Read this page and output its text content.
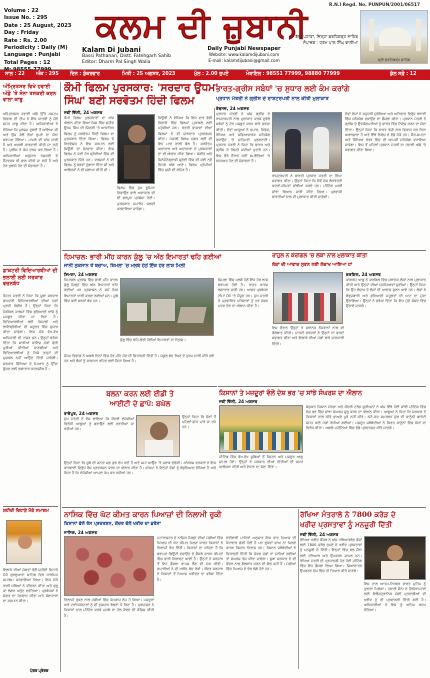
Volume : 22
Issue No. : 295
Date : 25 August, 2023
Day : Friday
Rate : Rs. 2.00
Periodicity : Daily (M)
Language : Punjabi
Total Pages : 12
R.N.I Regd. No. PUNPUN/2001/06517
ਕਲਮ ਦੀ ਜ਼ੁਬਾਨੀ
Kalam Di Jubani
Bassi Pathanan, Distt. Fatehgarh Sahib
Editor: Dharm Pal Singh Walia
Daily Punjabi Newspaper
Website: www.kalamdijubani.com
E-mail: kalamdijubani@gmail.com
ਬੱਸੀ ਪਠਾਣਾਂ, ਜ਼ਿਲ੍ਹਾ ਫ਼ਤਹਿਗੜ੍ਹ ਸਾਹਿਬ
ਸੰਪਾਦਕ : ਧਰਮ ਪਾਲ ਸਿੰਘ ਵਾਲੀਆ
ਸ੍ਰੀ ਫ਼ਤਹਿਗੜ੍ਹ ਸਾਹਿਬ
ਸਾਲ : 22 ਅੰਕ : 295 ਦਿਨ : ਸ਼ੁੱਕਰਵਾਰ	ਮਿਤੀ : 25 ਅਗਸਤ, 2023	ਮੁੱਲ : 2.00 ਰੁਪਏ	ਮੋਬਾਇਲ : 98551 77999, 98880 77999	ਕੁੱਲ ਸਫ਼ੇ : 12
ਅੰਮ੍ਰਿਤਸਰ ਵਿਖੇ ਹਵਾਈ ਅੱਡੇ 'ਤੇ ਸੋਨਾ ਤਸਕਰੀ ਕਰਨ ਵਾਲਾ ਕਾਬੂ
ਅੰਮ੍ਰਿਤਸਰ ਹਵਾਈ ਅੱਡੇ ਉੱਤੇ ਕਸਟਮ ਵਿਭਾਗ ਦੀ ਟੀਮ ਨੇ ਇੱਕ ਯਾਤਰੀ ਨੂੰ ਸੋਨੇ ਸਮੇਤ ਕਾਬੂ ਕੀਤਾ ਹੈ। ਅਧਿਕਾਰੀਆਂ ਨੇ ਦੱਸਿਆ ਕਿ ਮੁਲਜ਼ਮ ਦੁਬਈ ਤੋਂ ਆਇਆ ਸੀ ਅਤੇ ਉਸ ਕੋਲੋਂ ਲੱਖਾਂ ਰੁਪਏ ਦਾ ਸੋਨਾ ਬਰਾਮਦ ਹੋਇਆ। ਮਾਮਲੇ ਦੀ ਜਾਂਚ ਜਾਰੀ ਹੈ ਅਤੇ ਅਗਲੀ ਕਾਰਵਾਈ ਕੀਤੀ ਜਾ ਰਹੀ ਹੈ। ਪੁਲੀਸ ਨੇ ਕੇਸ ਦਰਜ ਕਰ ਲਿਆ ਹੈ। ਅਧਿਕਾਰੀਆਂ ਅਨੁਸਾਰ ਤਸਕਰੀ ਦੇ ਨੈੱਟਵਰਕ ਦੀ ਭਾਲ ਕੀਤੀ ਜਾ ਰਹੀ ਹੈ ਅਤੇ ਹੋਰ ਖੁਲਾਸੇ ਹੋਣ ਦੀ ਸੰਭਾਵਨਾ ਹੈ।
ਡਾਕਟਰੀ ਵਿਦਿਆਰਥੀਆਂ ਦੀ ਭਲਾਈ ਲਈ ਸਰਕਾਰ ਵਚਨਬੱਧ
ਸਿਹਤ ਮੰਤਰੀ ਨੇ ਕਿਹਾ ਕਿ ਸੂਬਾ ਸਰਕਾਰ ਡਾਕਟਰੀ ਵਿਦਿਆਰਥੀਆਂ ਦੀਆਂ ਮੰਗਾਂ ਪ੍ਰਤੀ ਗੰਭੀਰ ਹੈ। ਉਨ੍ਹਾਂ ਕਿਹਾ ਕਿ ਮੈਡੀਕਲ ਕਾਲਜਾਂ ਵਿੱਚ ਬੁਨਿਆਦੀ ਢਾਂਚੇ ਨੂੰ ਮਜ਼ਬੂਤ ਕੀਤਾ ਜਾ ਰਿਹਾ ਹੈ। ਵਿਦਿਆਰਥੀਆਂ ਲਈ ਹੋਸਟਲਾਂ ਅਤੇ ਲਾਇਬ੍ਰੇਰੀਆਂ ਦੀ ਸਹੂਲਤ ਵਿੱਚ ਸੁਧਾਰ ਕੀਤਾ ਜਾਵੇਗਾ। ਇਸ ਮੌਕੇ ਵੱਖ-ਵੱਖ ਅਧਿਕਾਰੀ ਵੀ ਹਾਜ਼ਰ ਸਨ। ਉਨ੍ਹਾਂ ਭਰੋਸਾ ਦਿੱਤਾ ਕਿ ਸਾਰੀਆਂ ਜਾਇਜ਼ ਮੰਗਾਂ ਛੇਤੀ ਪੂਰੀਆਂ ਕੀਤੀਆਂ ਜਾਣਗੀਆਂ ਅਤੇ ਵਿਦਿਆਰਥੀਆਂ ਨੂੰ ਕਿਸੇ ਤਰ੍ਹਾਂ ਦੀ ਮੁਸ਼ਕਲ ਨਹੀਂ ਆਉਣ ਦਿੱਤੀ ਜਾਵੇਗੀ। ਸਰਕਾਰ ਸਿੱਖਿਆ ਦੇ ਮਿਆਰ ਨੂੰ ਉੱਚਾ ਚੁੱਕਣ ਲਈ ਲਗਾਤਾਰ ਯਤਨਸ਼ੀਲ ਹੈ।
ਸ਼ਹੀਦੀ ਦਿਹਾੜੇ ਮੌਕੇ ਸਮਾਗਮ
ਇਲਾਕੇ ਦੀਆਂ ਸੰਗਤਾਂ ਵੱਲੋਂ ਸ਼ਹੀਦੀ ਦਿਹਾੜੇ ਮੌਕੇ ਗੁਰਦੁਆਰਾ ਸਾਹਿਬ ਵਿਖੇ ਧਾਰਮਿਕ ਸਮਾਗਮ ਕਰਵਾਇਆ ਗਿਆ। ਇਸ ਮੌਕੇ ਰਾਗੀ ਜਥਿਆਂ ਨੇ ਕੀਰਤਨ ਕੀਤਾ ਅਤੇ ਗੁਰੂ ਕਾ ਲੰਗਰ ਅਤੁੱਟ ਵਰਤਿਆ। ਪ੍ਰਬੰਧਕਾਂ ਨੇ ਸੰਗਤ ਦਾ ਧੰਨਵਾਦ ਕੀਤਾ ਅਤੇ ਸੇਵਾਦਾਰਾਂ ਦਾ ਸਨਮਾਨ ਕੀਤਾ।
ਪੱਤਰ ਪ੍ਰੇਰਕ
ਕੌਮੀ ਫਿਲਮ ਪੁਰਸਕਾਰ: 'ਸਰਦਾਰ ਊਧਮ'
ਸਿੰਘ' ਬਣੀ ਸਰਵੋਤਮ ਹਿੰਦੀ ਫਿਲਮ
ਨਵੀਂ ਦਿੱਲੀ, 24 ਅਗਸਤ
ਕੌਮੀ ਫਿਲਮ ਪੁਰਸਕਾਰਾਂ ਦਾ ਅੱਜ ਐਲਾਨ ਕੀਤਾ ਗਿਆ ਜਿਸ ਵਿੱਚ ਸ਼ਹੀਦ ਊਧਮ ਸਿੰਘ ਦੀ ਜ਼ਿੰਦਗੀ 'ਤੇ ਆਧਾਰਿਤ ਫਿਲਮ ਨੂੰ ਸਰਵੋਤਮ ਹਿੰਦੀ ਫਿਲਮ ਦਾ ਪੁਰਸਕਾਰ ਦਿੱਤਾ ਗਿਆ। ਫਿਲਮ ਦੇ ਨਿਰਦੇਸ਼ਕ ਨੇ ਇਸ ਸਨਮਾਨ ਲਈ ਜਿਊਰੀ ਦਾ ਧੰਨਵਾਦ ਕੀਤਾ। ਇਸ ਫਿਲਮ ਨੇ ਕਈ ਹੋਰ ਸ਼੍ਰੇਣੀਆਂ ਵਿੱਚ ਵੀ ਪੁਰਸਕਾਰ ਜਿੱਤੇ ਹਨ। ਦਰਸ਼ਕਾਂ ਨੇ ਵੀ ਫਿਲਮ ਨੂੰ ਭਰਵਾਂ ਹੁੰਗਾਰਾ ਦਿੱਤਾ ਸੀ ਅਤੇ ਆਲੋਚਕਾਂ ਨੇ ਵੀ ਸ਼ਲਾਘਾ ਕੀਤੀ ਸੀ।
ਫਿਲਮ ਵਿੱਚ ਮੁੱਖ ਭੂਮਿਕਾ ਨਿਭਾਉਣ ਵਾਲੇ ਅਦਾਕਾਰ ਦੀ ਵੀ ਭਰਪੂਰ ਪ੍ਰਸ਼ੰਸਾ ਹੋਈ। ਪੁਰਸਕਾਰ ਸਮਾਰੋਹ ਜਲਦੀ ਕਰਵਾਇਆ ਜਾਵੇਗਾ।
ਜਿਊਰੀ ਨੇ ਦੱਸਿਆ ਕਿ ਇਸ ਵਾਰ ਵੱਡੀ ਗਿਣਤੀ ਵਿੱਚ ਫਿਲਮਾਂ ਮੁਕਾਬਲੇ ਲਈ ਪਹੁੰਚੀਆਂ ਸਨ। ਖੇਤਰੀ ਭਾਸ਼ਾਵਾਂ ਦੀਆਂ ਫਿਲਮਾਂ ਨੇ ਵੀ ਸ਼ਾਨਦਾਰ ਪ੍ਰਦਰਸ਼ਨ ਕੀਤਾ। ਪੰਜਾਬੀ ਫਿਲਮ ਜਗਤ ਲਈ ਵੀ ਇਹ ਮਾਣ ਵਾਲੀ ਗੱਲ ਹੈ। ਸਰਵੋਤਮ ਅਦਾਕਾਰ ਅਤੇ ਅਦਾਕਾਰਾ ਦੇ ਪੁਰਸਕਾਰਾਂ ਦਾ ਵੀ ਐਲਾਨ ਕੀਤਾ ਗਿਆ। ਸੰਗੀਤ ਅਤੇ ਸਿਨੇਮੈਟੋਗ੍ਰਾਫੀ ਸ਼੍ਰੇਣੀ ਵਿੱਚ ਵੀ ਕਈ ਨਵੇਂ ਚਿਹਰੇ ਅੱਗੇ ਆਏ। ਫਿਲਮ ਪ੍ਰੇਮੀਆਂ ਵਿੱਚ ਖੁਸ਼ੀ ਦੀ ਲਹਿਰ ਹੈ।
ਭਾਰਤ-ਗ੍ਰੀਸ ਸਬੰਧਾਂ 'ਚ ਸੁਧਾਰ ਲਈ ਕੰਮ ਕਰਾਂਗੇ
ਪ੍ਰਧਾਨ ਮੰਤਰੀ ਨੇ ਗ੍ਰੀਸ ਦੇ ਰਾਸ਼ਟਰਪਤੀ ਨਾਲ ਕੀਤੀ ਮੁਲਾਕਾਤ
ਏਥਨਜ਼, 24 ਅਗਸਤ
ਪ੍ਰਧਾਨ ਮੰਤਰੀ ਨੇ ਅੱਜ ਗ੍ਰੀਸ ਦੇ ਰਾਸ਼ਟਰਪਤੀ ਨਾਲ ਮੁਲਾਕਾਤ ਕਰਕੇ ਦੁਵੱਲੇ ਸਬੰਧਾਂ ਨੂੰ ਹੋਰ ਮਜ਼ਬੂਤ ਕਰਨ ਬਾਰੇ ਚਰਚਾ ਕੀਤੀ। ਦੋਵਾਂ ਆਗੂਆਂ ਨੇ ਵਪਾਰ, ਨਿਵੇਸ਼, ਰੱਖਿਆ ਅਤੇ ਸਭਿਆਚਾਰਕ ਸਹਿਯੋਗ ਵਧਾਉਣ 'ਤੇ ਸਹਿਮਤੀ ਪ੍ਰਗਟਾਈ। ਪ੍ਰਧਾਨ ਮੰਤਰੀ ਨੇ ਕਿਹਾ ਕਿ ਭਾਰਤ ਅਤੇ ਗ੍ਰੀਸ ਦੇ ਰਿਸ਼ਤੇ ਸਦੀਆਂ ਪੁਰਾਣੇ ਹਨ। ਇਸ ਦੌਰੇ ਦੌਰਾਨ ਕਈ ਸਮਝੌਤਿਆਂ 'ਤੇ ਦਸਤਖ਼ਤ ਹੋਣ ਦੀ ਸੰਭਾਵਨਾ ਹੈ।
ਰਾਸ਼ਟਰਪਤੀ ਨੇ ਭਾਰਤੀ ਪ੍ਰਧਾਨ ਮੰਤਰੀ ਦਾ ਨਿੱਘਾ ਸਵਾਗਤ ਕੀਤਾ। ਉਨ੍ਹਾਂ ਕਿਹਾ ਕਿ ਦੋਵੇਂ ਦੇਸ਼ ਲੋਕਤੰਤਰੀ ਕਦਰਾਂ-ਕੀਮਤਾਂ ਸਾਂਝੀਆਂ ਕਰਦੇ ਹਨ। ਮੀਟਿੰਗ ਮਗਰੋਂ ਸਾਂਝਾ ਬਿਆਨ ਜਾਰੀ ਕੀਤਾ ਗਿਆ। ਪ੍ਰਵਾਸੀ ਭਾਰਤੀਆਂ ਨਾਲ ਵੀ ਮੁਲਾਕਾਤ ਕੀਤੀ ਜਾਵੇਗੀ।
ਦੋਵਾਂ ਦੇਸ਼ਾਂ ਨੇ ਸਮੁੰਦਰੀ ਸੁਰੱਖਿਆ ਅਤੇ ਅਤਿਵਾਦ ਵਿਰੁੱਧ ਲੜਾਈ ਵਿੱਚ ਸਹਿਯੋਗ ਵਧਾਉਣ ਦਾ ਫ਼ੈਸਲਾ ਕੀਤਾ। ਪ੍ਰਧਾਨ ਮੰਤਰੀ ਨੇ ਗ੍ਰੀਸ ਦੇ ਉਦਯੋਗਪਤੀਆਂ ਨੂੰ ਭਾਰਤ ਵਿੱਚ ਨਿਵੇਸ਼ ਕਰਨ ਦਾ ਸੱਦਾ ਦਿੱਤਾ। ਉਨ੍ਹਾਂ ਕਿਹਾ ਕਿ ਭਾਰਤ ਤੇਜ਼ੀ ਨਾਲ ਵਿਕਾਸ ਕਰ ਰਿਹਾ ਅਰਥਚਾਰਾ ਹੈ ਅਤੇ ਇੱਥੇ ਨਿਵੇਸ਼ ਦੇ ਵੱਡੇ ਮੌਕੇ ਹਨ। ਸੈਰ-ਸਪਾਟਾ ਅਤੇ ਸਿੱਖਿਆ ਖੇਤਰ ਵਿੱਚ ਵੀ ਆਪਸੀ ਸਹਿਯੋਗ ਵਧਾਇਆ ਜਾਵੇਗਾ। ਇਸ ਤੋਂ ਪਹਿਲਾਂ ਪ੍ਰਧਾਨ ਮੰਤਰੀ ਦਾ ਹਵਾਈ ਅੱਡੇ 'ਤੇ ਸਵਾਗਤ ਕੀਤਾ ਗਿਆ।
ਹਿਮਾਚਲ: ਭਾਰੀ ਮੀਂਹ ਕਾਰਨ ਕੁੱਲੂ 'ਚ ਅੱਠ ਇਮਾਰਤਾਂ ਢਹਿ ਗਈਆਂ
ਜਾਨੀ ਨੁਕਸਾਨ ਤੋਂ ਬਚਾਅ, ਸ਼ਿਮਲਾ 'ਚ ਮਲਬੇ ਹੇਠੋਂ ਇੱਕ ਹੋਰ ਲਾਸ਼ ਮਿਲੀ
ਸ਼ਿਮਲਾ, 24 ਅਗਸਤ
ਹਿਮਾਚਲ ਪ੍ਰਦੇਸ਼ ਵਿੱਚ ਭਾਰੀ ਮੀਂਹ ਕਾਰਨ ਕੁੱਲੂ ਜ਼ਿਲ੍ਹੇ ਵਿੱਚ ਅੱਠ ਇਮਾਰਤਾਂ ਢਹਿ ਗਈਆਂ ਪਰ ਪ੍ਰਸ਼ਾਸਨ ਨੇ ਸਮੇਂ ਸਿਰ ਇਮਾਰਤਾਂ ਖਾਲੀ ਕਰਵਾ ਲਈਆਂ ਸਨ। ਸੂਬੇ ਵਿੱਚ ਕਈ ਸੜਕਾਂ ਬੰਦ ਹਨ।
ਕੁੱਲੂ ਵਿੱਚ ਢਹਿ-ਢੇਰੀ ਹੋਈਆਂ ਇਮਾਰਤਾਂ ਦਾ ਦ੍ਰਿਸ਼।
ਮੌਸਮ ਵਿਭਾਗ ਨੇ ਅਗਲੇ ਦਿਨਾਂ ਵਿੱਚ ਹੋਰ ਮੀਂਹ ਪੈਣ ਦੀ ਚਿਤਾਵਨੀ ਦਿੱਤੀ ਹੈ। ਸਕੂਲ ਬੰਦ ਰੱਖਣ ਦੇ ਹੁਕਮ ਜਾਰੀ ਕੀਤੇ ਗਏ ਹਨ ਅਤੇ ਲੋਕਾਂ ਨੂੰ ਸਾਵਧਾਨ ਰਹਿਣ ਲਈ ਕਿਹਾ ਗਿਆ ਹੈ।
ਰਾਹੁਲ ਨੇ ਕਰਗਿਲ 'ਚ ਲੋਕਾਂ ਨਾਲ ਮੁਲਾਕਾਤ ਕੀਤੀ
ਲੋਕਾਂ ਦੀ ਆਵਾਜ਼ ਸੁਣਨ ਲਈ ਲੱਦਾਖ ਆਇਆ ਹਾਂ
ਕਰਗਿਲ, 24 ਅਗਸਤ
ਕਾਂਗਰਸ ਆਗੂ ਨੇ ਕਰਗਿਲ ਵਿੱਚ ਸਥਾਨਕ ਲੋਕਾਂ ਨਾਲ ਮੁਲਾਕਾਤ ਕੀਤੀ ਅਤੇ ਉਨ੍ਹਾਂ ਦੀਆਂ ਸਮੱਸਿਆਵਾਂ ਸੁਣੀਆਂ। ਉਨ੍ਹਾਂ ਕਿਹਾ ਕਿ ਉਹ ਲੱਦਾਖ ਦੇ ਲੋਕਾਂ ਦੀ ਆਵਾਜ਼ ਸੁਣਨ ਆਏ ਹਨ। ਲੋਕਾਂ ਨੇ ਬੇਰੁਜ਼ਗਾਰੀ ਅਤੇ ਬੁਨਿਆਦੀ ਸਹੂਲਤਾਂ ਦੀ ਘਾਟ ਦਾ ਮੁੱਦਾ ਉਠਾਇਆ। ਉਨ੍ਹਾਂ ਨੇ ਭਰੋਸਾ ਦਿੱਤਾ ਕਿ ਇਹ ਮੁੱਦੇ ਸੰਸਦ ਵਿੱਚ ਉਠਾਏ ਜਾਣਗੇ।
ਇਸ ਦੌਰਾਨ ਉਨ੍ਹਾਂ ਨੇ ਸਥਾਨਕ ਨੌਜਵਾਨਾਂ ਨਾਲ ਵੀ ਗੱਲਬਾਤ ਕੀਤੀ। ਪਾਰਟੀ ਵਰਕਰਾਂ ਨੇ ਉਨ੍ਹਾਂ ਦਾ ਭਰਵਾਂ ਸਵਾਗਤ ਕੀਤਾ ਅਤੇ ਇਲਾਕੇ ਦੀਆਂ ਮੰਗਾਂ ਬਾਰੇ ਜਾਣਕਾਰੀ ਦਿੱਤੀ।
ਸ਼ਿਮਲਾ ਵਿੱਚ ਮਲਬੇ ਹੇਠੋਂ ਇੱਕ ਹੋਰ ਲਾਸ਼ ਬਰਾਮਦ ਹੋਈ ਹੈ। ਰਾਹਤ ਕਾਰਜ ਲਗਾਤਾਰ ਜਾਰੀ ਹਨ। ਆਫ਼ਤ ਪ੍ਰਬੰਧਨ ਟੀਮਾਂ ਮੌਕੇ 'ਤੇ ਮੌਜੂਦ ਹਨ। ਮੁੱਖ ਮੰਤਰੀ ਨੇ ਪ੍ਰਭਾਵਿਤ ਪਰਿਵਾਰਾਂ ਨੂੰ ਹਰ ਸੰਭਵ ਮਦਦ ਦੇਣ ਦਾ ਐਲਾਨ ਕੀਤਾ ਹੈ।
ਬਲਨਾ ਕਰਨ ਲਈ ਈਡੀ ਤੇ
ਆਈਟੀ ਦੇ ਛਾਪੇ: ਬਘੇਲ
ਰਾਏਪੁਰ, 24 ਅਗਸਤ
ਮੁੱਖ ਮੰਤਰੀ ਨੇ ਦੋਸ਼ ਲਾਇਆ ਕਿ ਕੇਂਦਰੀ ਏਜੰਸੀਆਂ ਵਿਰੋਧੀ ਆਗੂਆਂ ਨੂੰ ਡਰਾਉਣ ਲਈ ਵਰਤੀਆਂ ਜਾ ਰਹੀਆਂ ਹਨ।
ਉਨ੍ਹਾਂ ਕਿਹਾ ਕਿ ਚੋਣਾਂ ਤੋਂ ਪਹਿਲਾਂ ਛਾਪੇ ਮਾਰੇ ਜਾ ਰਹੇ ਹਨ।
ਉਨ੍ਹਾਂ ਕਿਹਾ ਕਿ ਸੂਬੇ ਦੀ ਜਨਤਾ ਸਭ ਕੁਝ ਦੇਖ ਰਹੀ ਹੈ ਅਤੇ ਸਮਾਂ ਆਉਣ 'ਤੇ ਜਵਾਬ ਦੇਵੇਗੀ। ਕਾਂਗਰਸ ਵਰਕਰਾਂ ਨੇ ਇਸ ਕਾਰਵਾਈ ਵਿਰੁੱਧ ਰੋਸ ਪ੍ਰਦਰਸ਼ਨ ਕਰਨ ਦਾ ਐਲਾਨ ਕੀਤਾ ਹੈ। ਭਾਜਪਾ ਨੇ ਇਨ੍ਹਾਂ ਦੋਸ਼ਾਂ ਨੂੰ ਬੇਬੁਨਿਆਦ ਦੱਸਿਆ ਹੈ ਅਤੇ ਕਿਹਾ ਹੈ ਕਿ ਏਜੰਸੀਆਂ ਆਪਣਾ ਕੰਮ ਕਰ ਰਹੀਆਂ ਹਨ।
ਕਿਸਾਨਾਂ ਤੇ ਮਜ਼ਦੂਰਾਂ ਵੱਲੋਂ ਦੇਸ਼ ਭਰ 'ਚ ਸਾਂਝੇ ਸੰਘਰਸ਼ ਦਾ ਐਲਾਨ
ਨਵੀਂ ਦਿੱਲੀ, 24 ਅਗਸਤ
ਸੰਯੁਕਤ ਕਿਸਾਨ ਮੋਰਚਾ ਅਤੇ ਕੇਂਦਰੀ ਟਰੇਡ ਯੂਨੀਅਨਾਂ ਨੇ ਅੱਜ ਇੱਥੇ ਹੋਈ ਸਾਂਝੀ ਮੀਟਿੰਗ ਵਿੱਚ ਦੇਸ਼ ਭਰ ਵਿੱਚ ਸਾਂਝਾ ਸੰਘਰਸ਼ ਸ਼ੁਰੂ ਕਰਨ ਦਾ ਐਲਾਨ ਕੀਤਾ। ਆਗੂਆਂ ਨੇ ਕਿਹਾ ਕਿ ਸਰਕਾਰ ਨੇ ਕਿਸਾਨਾਂ ਨਾਲ ਕੀਤੇ ਵਾਅਦੇ ਪੂਰੇ ਨਹੀਂ ਕੀਤੇ। ਘੱਟੋ-ਘੱਟ ਸਮਰਥਨ ਮੁੱਲ ਦੀ ਕਾਨੂੰਨੀ ਗਾਰੰਟੀ ਸਮੇਤ ਕਈ ਮੰਗਾਂ ਰੱਖੀਆਂ ਗਈਆਂ। ਮਜ਼ਦੂਰ ਜਥੇਬੰਦੀਆਂ ਨੇ ਕਿਰਤ ਕਾਨੂੰਨਾਂ ਵਿੱਚ ਸੋਧਾਂ ਦਾ ਵਿਰੋਧ ਕੀਤਾ। ਅਗਲੇ ਮਹੀਨਿਆਂ ਵਿੱਚ ਵੱਡੇ ਪ੍ਰਦਰਸ਼ਨ ਕੀਤੇ ਜਾਣਗੇ।
ਮੀਟਿੰਗ ਵਿੱਚ ਵੱਖ-ਵੱਖ ਸੂਬਿਆਂ ਤੋਂ ਕਿਸਾਨ ਅਤੇ ਮਜ਼ਦੂਰ ਆਗੂ ਸ਼ਾਮਲ ਹੋਏ। ਉਨ੍ਹਾਂ ਨੇ ਸਰਕਾਰ ਦੀਆਂ ਨੀਤੀਆਂ ਦੀ ਸਖ਼ਤ ਆਲੋਚਨਾ ਕੀਤੀ ਅਤੇ ਏਕਤਾ ਦਾ ਸੱਦਾ ਦਿੱਤਾ।
ਨਾਸਿਕ ਵਿੱਚ ਘੱਟ ਕੀਮਤ ਕਾਰਨ ਪਿਆਜ਼ਾਂ ਦੀ ਨਿਲਾਮੀ ਰੁਕੀ
ਕਿਸਾਨਾਂ ਵੱਲੋਂ ਰੋਸ ਪ੍ਰਦਰਸ਼ਨ, ਕੇਂਦਰ ਵੱਲੋਂ ਖਰੀਦ ਦਾ ਭਰੋਸਾ
ਨਾਸਿਕ, 24 ਅਗਸਤ
ਮਹਾਰਾਸ਼ਟਰ ਦੇ ਨਾਸਿਕ ਜ਼ਿਲ੍ਹੇ ਦੀਆਂ ਮੰਡੀਆਂ ਵਿੱਚ ਪਿਆਜ਼ ਦੀ ਘੱਟ ਕੀਮਤ ਮਿਲਣ ਕਾਰਨ ਕਿਸਾਨਾਂ ਨੇ ਨਿਲਾਮੀ ਰੋਕ ਦਿੱਤੀ। ਕਿਸਾਨਾਂ ਦਾ ਕਹਿਣਾ ਹੈ ਕਿ ਬਰਾਮਦ ਡਿਊਟੀ ਵਧਾਉਣ ਦੇ ਫ਼ੈਸਲੇ ਕਾਰਨ ਕੀਮਤਾਂ ਵਿੱਚ ਭਾਰੀ ਗਿਰਾਵਟ ਆਈ ਹੈ। ਉਨ੍ਹਾਂ ਨੇ ਸਰਕਾਰ ਤੋਂ ਇਹ ਫ਼ੈਸਲਾ ਵਾਪਸ ਲੈਣ ਦੀ ਮੰਗ ਕੀਤੀ। ਵਪਾਰੀਆਂ ਨੇ ਵੀ ਖਰੀਦ ਬੰਦ ਰੱਖੀ। ਕੇਂਦਰ ਸਰਕਾਰ ਨੇ ਕਿਸਾਨਾਂ ਤੋਂ ਪਿਆਜ਼ ਖਰੀਦਣ ਦਾ ਭਰੋਸਾ ਦਿੱਤਾ ਹੈ।
ਖੇਤੀਬਾੜੀ ਮਾਹਿਰਾਂ ਅਨੁਸਾਰ ਇਸ ਵਾਰ ਪਿਆਜ਼ ਦੀ ਪੈਦਾਵਾਰ ਚੰਗੀ ਹੋਈ ਹੈ ਪਰ ਢੁਕਵਾਂ ਭਾਅ ਨਾ ਮਿਲਣ ਕਾਰਨ ਕਿਸਾਨ ਨਿਰਾਸ਼ ਹਨ। ਕਿਸਾਨ ਜਥੇਬੰਦੀਆਂ ਨੇ ਚਿਤਾਵਨੀ ਦਿੱਤੀ ਕਿ ਜੇਕਰ ਮੰਗਾਂ ਨਾ ਮੰਨੀਆਂ ਗਈਆਂ ਤਾਂ ਸੰਘਰਸ਼ ਤੇਜ਼ ਕੀਤਾ ਜਾਵੇਗਾ। ਸੂਬਾ ਸਰਕਾਰ ਨੇ ਵੀ ਕੇਂਦਰ ਨਾਲ ਗੱਲਬਾਤ ਕਰਨ ਦੀ ਗੱਲ ਕਹੀ ਹੈ। ਮੰਡੀਆਂ ਵਿੱਚ ਪਿਆਜ਼ ਦੇ ਢੇਰ ਲੱਗੇ ਹੋਏ ਹਨ।
ਨਿਲਾਮੀ ਰੁਕਣ ਨਾਲ ਮੰਡੀਆਂ ਵਿੱਚ ਕੰਮਕਾਜ ਠੱਪ ਹੋ ਗਿਆ। ਮਜ਼ਦੂਰਾਂ ਅਤੇ ਟਰਾਂਸਪੋਰਟਰਾਂ ਨੂੰ ਵੀ ਨੁਕਸਾਨ ਝੱਲਣਾ ਪੈ ਰਿਹਾ ਹੈ। ਪ੍ਰਸ਼ਾਸਨ ਨੇ ਕਿਸਾਨਾਂ ਨਾਲ ਮੀਟਿੰਗ ਕਰਕੇ ਮਸਲੇ ਦਾ ਹੱਲ ਕੱਢਣ ਦੀ ਕੋਸ਼ਿਸ਼ ਕੀਤੀ ਹੈ।
ਰੱਖਿਆ ਮੰਤਰਾਲੇ ਨੇ 7800 ਕਰੋੜ ਦੇ
ਖਰੀਦ ਪ੍ਰਸਤਾਵਾਂ ਨੂੰ ਮਨਜ਼ੂਰੀ ਦਿੱਤੀ
ਨਵੀਂ ਦਿੱਲੀ, 24 ਅਗਸਤ
ਰੱਖਿਆ ਖਰੀਦ ਕੌਂਸਲ ਨੇ ਅੱਜ ਹਥਿਆਰਬੰਦ ਫ਼ੌਜਾਂ ਲਈ 7800 ਕਰੋੜ ਰੁਪਏ ਦੇ ਖਰੀਦ ਪ੍ਰਸਤਾਵਾਂ ਨੂੰ ਮਨਜ਼ੂਰੀ ਦੇ ਦਿੱਤੀ। ਇਨ੍ਹਾਂ ਵਿੱਚ ਥਲ ਸੈਨਾ ਲਈ ਹਥਿਆਰ ਅਤੇ ਉਪਕਰਨ ਸ਼ਾਮਲ ਹਨ। ਰੱਖਿਆ ਮੰਤਰੀ ਦੀ ਪ੍ਰਧਾਨਗੀ ਹੇਠ ਹੋਈ ਮੀਟਿੰਗ ਵਿੱਚ ਇਹ ਫ਼ੈਸਲਾ ਲਿਆ ਗਿਆ। ਜ਼ਿਆਦਾਤਰ ਉਪਕਰਨ ਦੇਸ਼ ਵਿੱਚ ਹੀ ਤਿਆਰ ਕੀਤੇ ਜਾਣਗੇ।
ਇਸ ਨਾਲ ਆਤਮ-ਨਿਰਭਰ ਭਾਰਤ ਮੁਹਿੰਮ ਨੂੰ ਹੁਲਾਰਾ ਮਿਲੇਗਾ। ਹਵਾਈ ਸੈਨਾ ਦੇ ਹੈਲੀਕਾਪਟਰਾਂ ਲਈ ਇਲੈਕਟ੍ਰਾਨਿਕ ਜੰਗੀ ਪ੍ਰਣਾਲੀਆਂ ਦੀ ਖਰੀਦ ਨੂੰ ਵੀ ਪ੍ਰਵਾਨਗੀ ਦਿੱਤੀ ਗਈ ਹੈ। ਅਧਿਕਾਰੀਆਂ ਨੇ ਇਸ ਨੂੰ ਅਹਿਮ ਕਦਮ ਦੱਸਿਆ।
